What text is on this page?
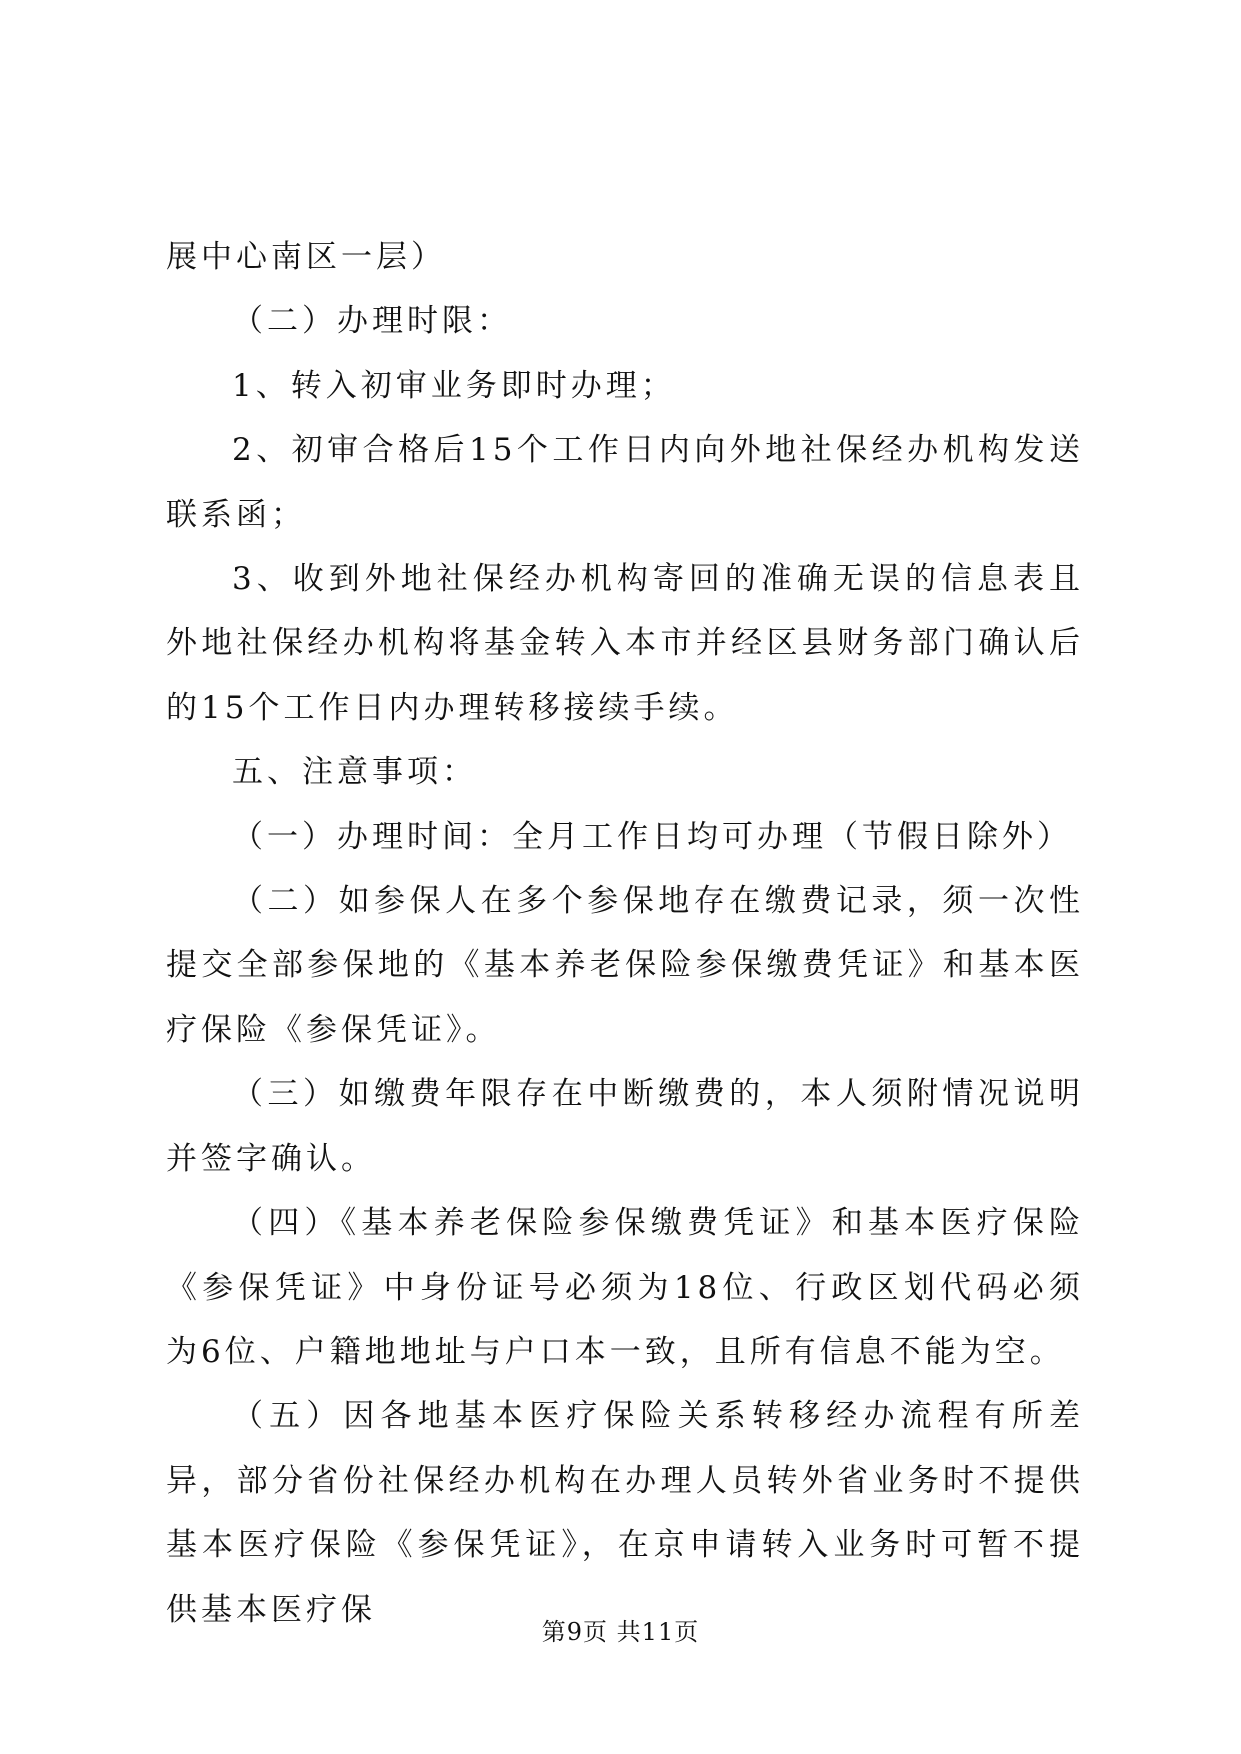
展中心南区一层）

（二）办理时限：

1、转入初审业务即时办理；

2、初审合格后15个工作日内向外地社保经办机构发送联系函；

3、收到外地社保经办机构寄回的准确无误的信息表且外地社保经办机构将基金转入本市并经区县财务部门确认后的15个工作日内办理转移接续手续。

五、注意事项：

（一）办理时间：全月工作日均可办理（节假日除外）

（二）如参保人在多个参保地存在缴费记录，须一次性提交全部参保地的《基本养老保险参保缴费凭证》和基本医疗保险《参保凭证》。

（三）如缴费年限存在中断缴费的，本人须附情况说明并签字确认。

（四）《基本养老保险参保缴费凭证》和基本医疗保险《参保凭证》中身份证号必须为18位、行政区划代码必须为6位、户籍地地址与户口本一致，且所有信息不能为空。

（五）因各地基本医疗保险关系转移经办流程有所差异，部分省份社保经办机构在办理人员转外省业务时不提供基本医疗保险《参保凭证》，在京申请转入业务时可暂不提供基本医疗保

第9页 共11页
